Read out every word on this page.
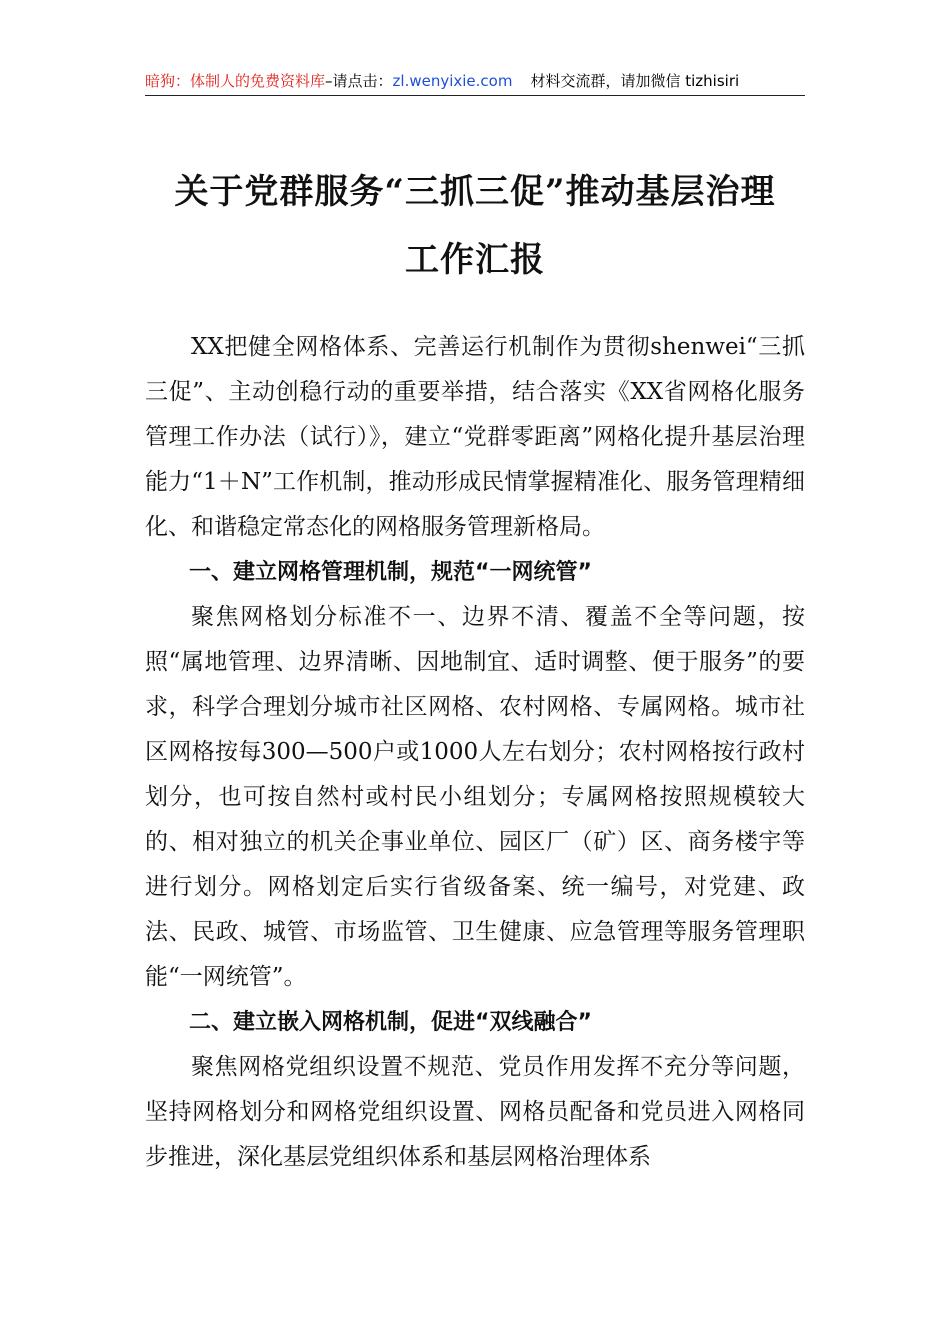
暗狗：体制人的免费资料库–请点击：zl.wenyixie.com 材料交流群，请加微信 tizhisiri
关于党群服务“三抓三促”推动基层治理
工作汇报

XX把健全网格体系、完善运行机制作为贯彻shenwei“三抓三促”、主动创稳行动的重要举措，结合落实《XX省网格化服务管理工作办法（试行）》，建立“党群零距离”网格化提升基层治理能力“1＋N”工作机制，推动形成民情掌握精准化、服务管理精细化、和谐稳定常态化的网格服务管理新格局。

一、建立网格管理机制，规范“一网统管”

聚焦网格划分标准不一、边界不清、覆盖不全等问题，按照“属地管理、边界清晰、因地制宜、适时调整、便于服务”的要求，科学合理划分城市社区网格、农村网格、专属网格。城市社区网格按每300—500户或1000人左右划分；农村网格按行政村划分，也可按自然村或村民小组划分；专属网格按照规模较大的、相对独立的机关企事业单位、园区厂（矿）区、商务楼宇等进行划分。网格划定后实行省级备案、统一编号，对党建、政法、民政、城管、市场监管、卫生健康、应急管理等服务管理职能“一网统管”。

二、建立嵌入网格机制，促进“双线融合”

聚焦网格党组织设置不规范、党员作用发挥不充分等问题，坚持网格划分和网格党组织设置、网格员配备和党员进入网格同步推进，深化基层党组织体系和基层网格治理体系
